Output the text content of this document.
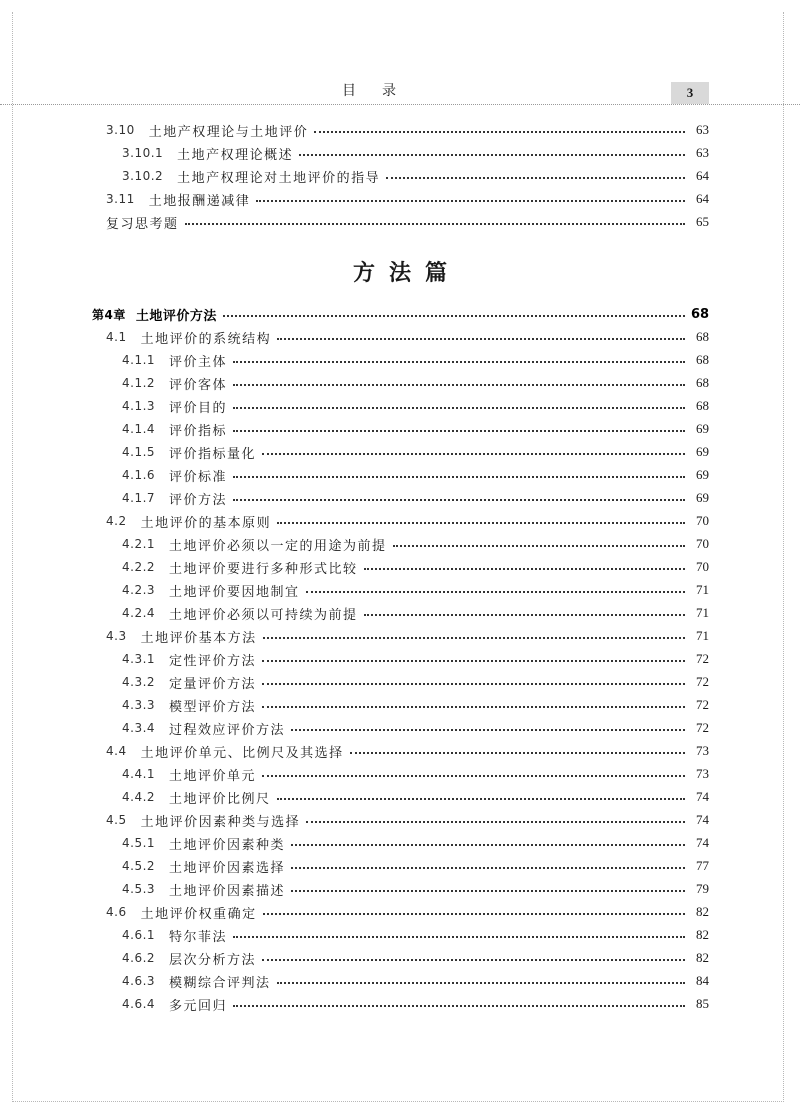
目录	3
方法篇
3.10 土地产权理论与土地评价	63
3.10.1 土地产权理论概述	63
3.10.2 土地产权理论对土地评价的指导	64
3.11 土地报酬递减律	64
复习思考题	65
第4章 土地评价方法	68
4.1 土地评价的系统结构	68
4.1.1 评价主体	68
4.1.2 评价客体	68
4.1.3 评价目的	68
4.1.4 评价指标	69
4.1.5 评价指标量化	69
4.1.6 评价标准	69
4.1.7 评价方法	69
4.2 土地评价的基本原则	70
4.2.1 土地评价必须以一定的用途为前提	70
4.2.2 土地评价要进行多种形式比较	70
4.2.3 土地评价要因地制宜	71
4.2.4 土地评价必须以可持续为前提	71
4.3 土地评价基本方法	71
4.3.1 定性评价方法	72
4.3.2 定量评价方法	72
4.3.3 模型评价方法	72
4.3.4 过程效应评价方法	72
4.4 土地评价单元、比例尺及其选择	73
4.4.1 土地评价单元	73
4.4.2 土地评价比例尺	74
4.5 土地评价因素种类与选择	74
4.5.1 土地评价因素种类	74
4.5.2 土地评价因素选择	77
4.5.3 土地评价因素描述	79
4.6 土地评价权重确定	82
4.6.1 特尔菲法	82
4.6.2 层次分析方法	82
4.6.3 模糊综合评判法	84
4.6.4 多元回归	85
